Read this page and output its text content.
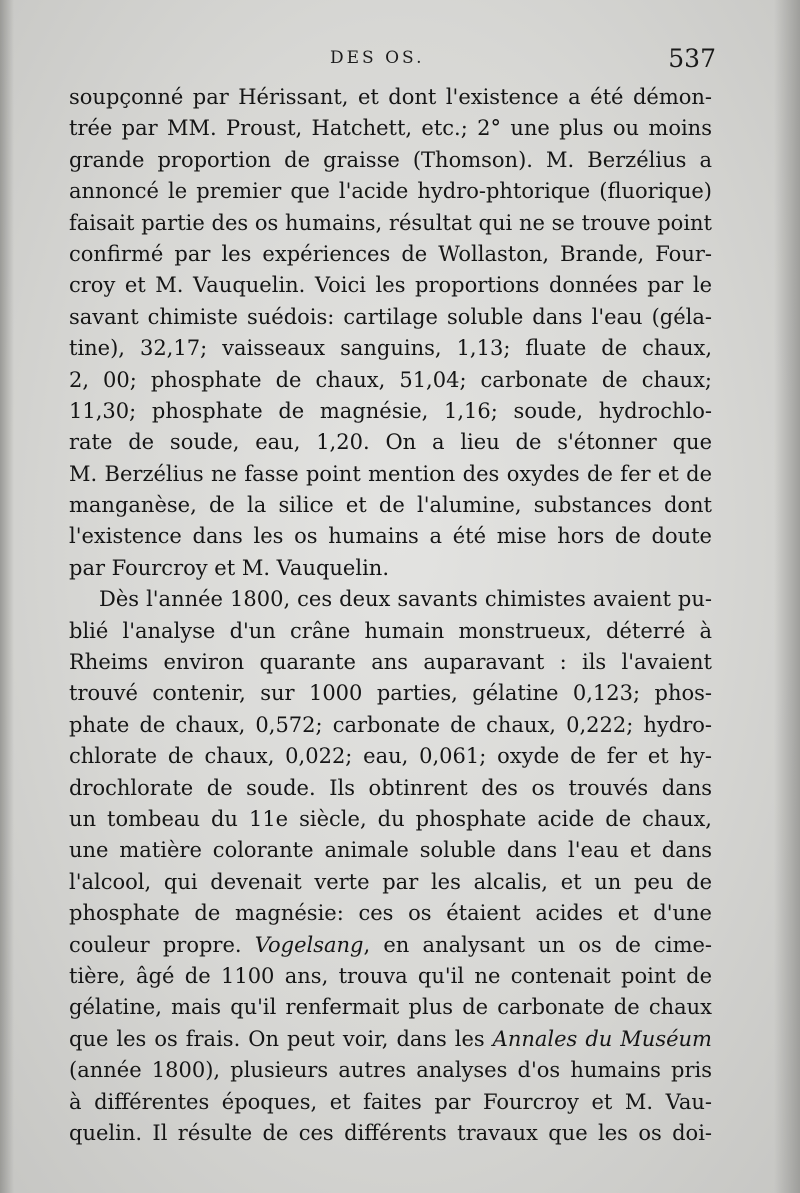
DES OS.	537
soupçonné par Hérissant, et dont l'existence a été démon-
trée par MM. Proust, Hatchett, etc.; 2° une plus ou moins
grande proportion de graisse (Thomson). M. Berzélius a
annoncé le premier que l'acide hydro-phtorique (fluorique)
faisait partie des os humains, résultat qui ne se trouve point
confirmé par les expériences de Wollaston, Brande, Four-
croy et M. Vauquelin. Voici les proportions données par le
savant chimiste suédois: cartilage soluble dans l'eau (géla-
tine), 32,17; vaisseaux sanguins, 1,13; fluate de chaux,
2, 00; phosphate de chaux, 51,04; carbonate de chaux;
11,30; phosphate de magnésie, 1,16; soude, hydrochlo-
rate de soude, eau, 1,20. On a lieu de s'étonner que
M. Berzélius ne fasse point mention des oxydes de fer et de
manganèse, de la silice et de l'alumine, substances dont
l'existence dans les os humains a été mise hors de doute
par Fourcroy et M. Vauquelin.
Dès l'année 1800, ces deux savants chimistes avaient pu-
blié l'analyse d'un crâne humain monstrueux, déterré à
Rheims environ quarante ans auparavant : ils l'avaient
trouvé contenir, sur 1000 parties, gélatine 0,123; phos-
phate de chaux, 0,572; carbonate de chaux, 0,222; hydro-
chlorate de chaux, 0,022; eau, 0,061; oxyde de fer et hy-
drochlorate de soude. Ils obtinrent des os trouvés dans
un tombeau du 11e siècle, du phosphate acide de chaux,
une matière colorante animale soluble dans l'eau et dans
l'alcool, qui devenait verte par les alcalis, et un peu de
phosphate de magnésie: ces os étaient acides et d'une
couleur propre. Vogelsang, en analysant un os de cime-
tière, âgé de 1100 ans, trouva qu'il ne contenait point de
gélatine, mais qu'il renfermait plus de carbonate de chaux
que les os frais. On peut voir, dans les Annales du Muséum
(année 1800), plusieurs autres analyses d'os humains pris
à différentes époques, et faites par Fourcroy et M. Vau-
quelin. Il résulte de ces différents travaux que les os doi-
